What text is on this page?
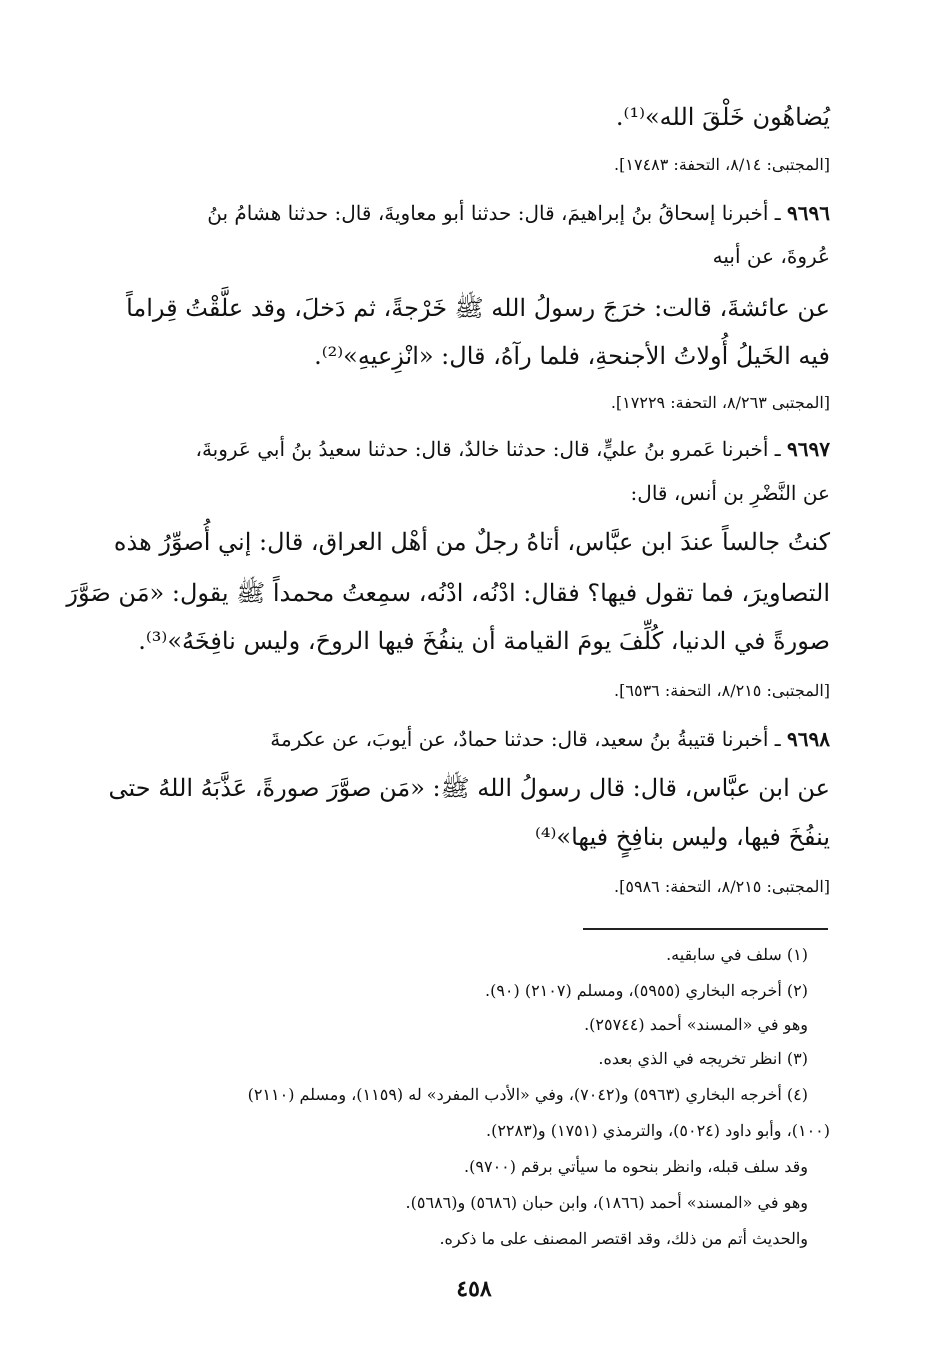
يُضاهُون خَلْقَ الله»⁽¹⁾.
[المجتبى: ٨/١٤، التحفة: ١٧٤٨٣].
٩٦٩٦ ـ أخبرنا إسحاقُ بنُ إبراهيمَ، قال: حدثنا أبو معاويةَ، قال: حدثنا هشامُ بنُ
عُروةَ، عن أبيه
عن عائشةَ، قالت: خرَجَ رسولُ الله ﷺ خَرْجةً، ثم دَخلَ، وقد علَّقْتُ قِراماً
فيه الخَيلُ أُولاتُ الأجنحةِ، فلما رآهُ، قال: «انْزِعيهِ»⁽²⁾.
[المجتبى ٨/٢٦٣، التحفة: ١٧٢٢٩].
٩٦٩٧ ـ أخبرنا عَمرو بنُ عليٍّ، قال: حدثنا خالدٌ، قال: حدثنا سعيدُ بنُ أبي عَروبةَ،
عن النَّضْرِ بن أنس، قال:
كنتُ جالساً عندَ ابن عبَّاس، أتاهُ رجلٌ من أهْل العراق، قال: إني أُصوِّرُ هذه
التصاويرَ، فما تقول فيها؟ فقال: ادْنُه، ادْنُه، سمِعتُ محمداً ﷺ يقول: «مَن صَوَّرَ
صورةً في الدنيا، كُلِّفَ يومَ القيامة أن ينفُخَ فيها الروحَ، وليس نافِخَهُ»⁽³⁾.
[المجتبى: ٨/٢١٥، التحفة: ٦٥٣٦].
٩٦٩٨ ـ أخبرنا قتيبةُ بنُ سعيد، قال: حدثنا حمادٌ، عن أيوبَ، عن عكرمةَ
عن ابن عبَّاس، قال: قال رسولُ الله ﷺ: «مَن صوَّرَ صورةً، عَذَّبَهُ اللهُ حتى
ينفُخَ فيها، وليس بنافِخٍ فيها»⁽⁴⁾
[المجتبى: ٨/٢١٥، التحفة: ٥٩٨٦].
(١) سلف في سابقيه.
(٢) أخرجه البخاري (٥٩٥٥)، ومسلم (٢١٠٧) (٩٠).
وهو في «المسند» أحمد (٢٥٧٤٤).
(٣) انظر تخريجه في الذي بعده.
(٤) أخرجه البخاري (٥٩٦٣) و(٧٠٤٢)، وفي «الأدب المفرد» له (١١٥٩)، ومسلم (٢١١٠)
(١٠٠)، وأبو داود (٥٠٢٤)، والترمذي (١٧٥١) و(٢٢٨٣).
وقد سلف قبله، وانظر بنحوه ما سيأتي برقم (٩٧٠٠).
وهو في «المسند» أحمد (١٨٦٦)، وابن حبان (٥٦٨٦) و(٥٦٨٦).
والحديث أتم من ذلك، وقد اقتصر المصنف على ما ذكره.
٤٥٨
